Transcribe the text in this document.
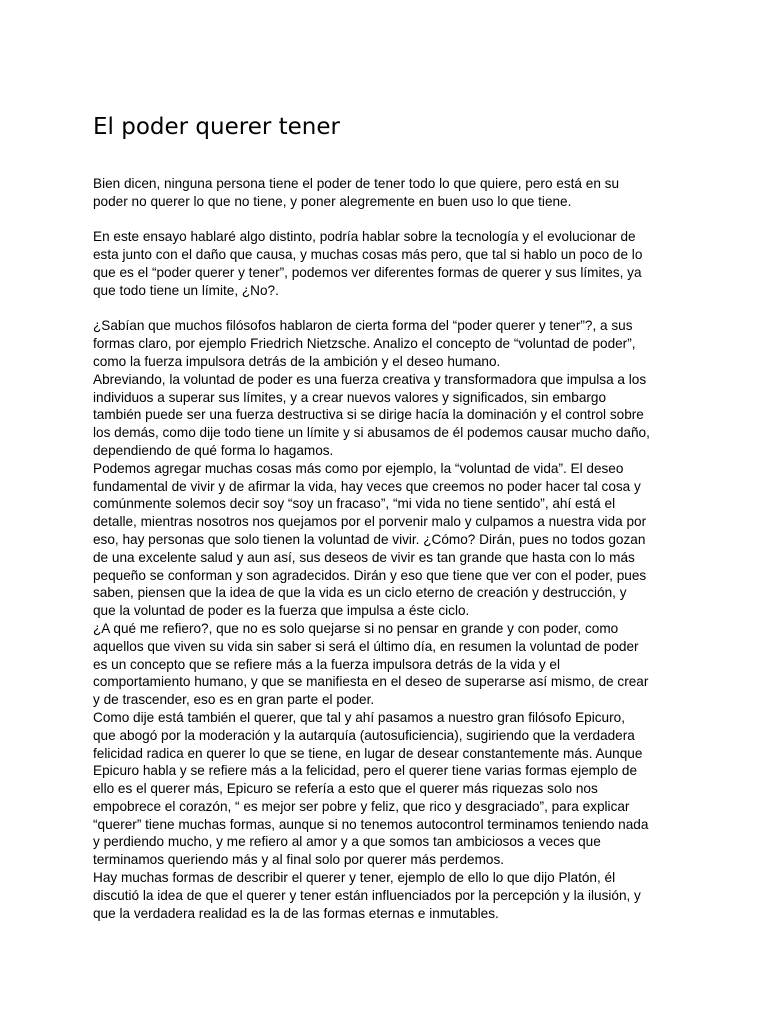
El poder querer tener
Bien dicen, ninguna persona tiene el poder de tener todo lo que quiere, pero está en su
poder no querer lo que no tiene, y poner alegremente en buen uso lo que tiene.
En este ensayo hablaré algo distinto, podría hablar sobre la tecnología y el evolucionar de
esta junto con el daño que causa, y muchas cosas más pero, que tal si hablo un poco de lo
que es el “poder querer y tener”, podemos ver diferentes formas de querer y sus límites, ya
que todo tiene un límite, ¿No?.
¿Sabían que muchos filósofos hablaron de cierta forma del “poder querer y tener”?, a sus
formas claro, por ejemplo Friedrich Nietzsche. Analizo el concepto de “voluntad de poder”,
como la fuerza impulsora detrás de la ambición y el deseo humano.
Abreviando, la voluntad de poder es una fuerza creativa y transformadora que impulsa a los
individuos a superar sus límites, y a crear nuevos valores y significados, sin embargo
también puede ser una fuerza destructiva si se dirige hacía la dominación y el control sobre
los demás, como dije todo tiene un límite y si abusamos de él podemos causar mucho daño,
dependiendo de qué forma lo hagamos.
Podemos agregar muchas cosas más como por ejemplo, la “voluntad de vida”. El deseo
fundamental de vivir y de afirmar la vida, hay veces que creemos no poder hacer tal cosa y
comúnmente solemos decir soy “soy un fracaso”, “mi vida no tiene sentido”, ahí está el
detalle, mientras nosotros nos quejamos por el porvenir malo y culpamos a nuestra vida por
eso, hay personas que solo tienen la voluntad de vivir. ¿Cómo? Dirán, pues no todos gozan
de una excelente salud y aun así, sus deseos de vivir es tan grande que hasta con lo más
pequeño se conforman y son agradecidos. Dirán y eso que tiene que ver con el poder, pues
saben, piensen que la idea de que la vida es un ciclo eterno de creación y destrucción, y
que la voluntad de poder es la fuerza que impulsa a éste ciclo.
¿A qué me refiero?, que no es solo quejarse si no pensar en grande y con poder, como
aquellos que viven su vida sin saber si será el último día, en resumen la voluntad de poder
es un concepto que se refiere más a la fuerza impulsora detrás de la vida y el
comportamiento humano, y que se manifiesta en el deseo de superarse así mismo, de crear
y de trascender, eso es en gran parte el poder.
Como dije está también el querer, que tal y ahí pasamos a nuestro gran filósofo Epicuro,
que abogó por la moderación y la autarquía (autosuficiencia), sugiriendo que la verdadera
felicidad radica en querer lo que se tiene, en lugar de desear constantemente más. Aunque
Epicuro habla y se refiere más a la felicidad, pero el querer tiene varias formas ejemplo de
ello es el querer más, Epicuro se refería a esto que el querer más riquezas solo nos
empobrece el corazón, “ es mejor ser pobre y feliz, que rico y desgraciado”, para explicar
“querer” tiene muchas formas, aunque si no tenemos autocontrol terminamos teniendo nada
y perdiendo mucho, y me refiero al amor y a que somos tan ambiciosos a veces que
terminamos queriendo más y al final solo por querer más perdemos.
Hay muchas formas de describir el querer y tener, ejemplo de ello lo que dijo Platón, él
discutió la idea de que el querer y tener están influenciados por la percepción y la ilusión, y
que la verdadera realidad es la de las formas eternas e inmutables.
